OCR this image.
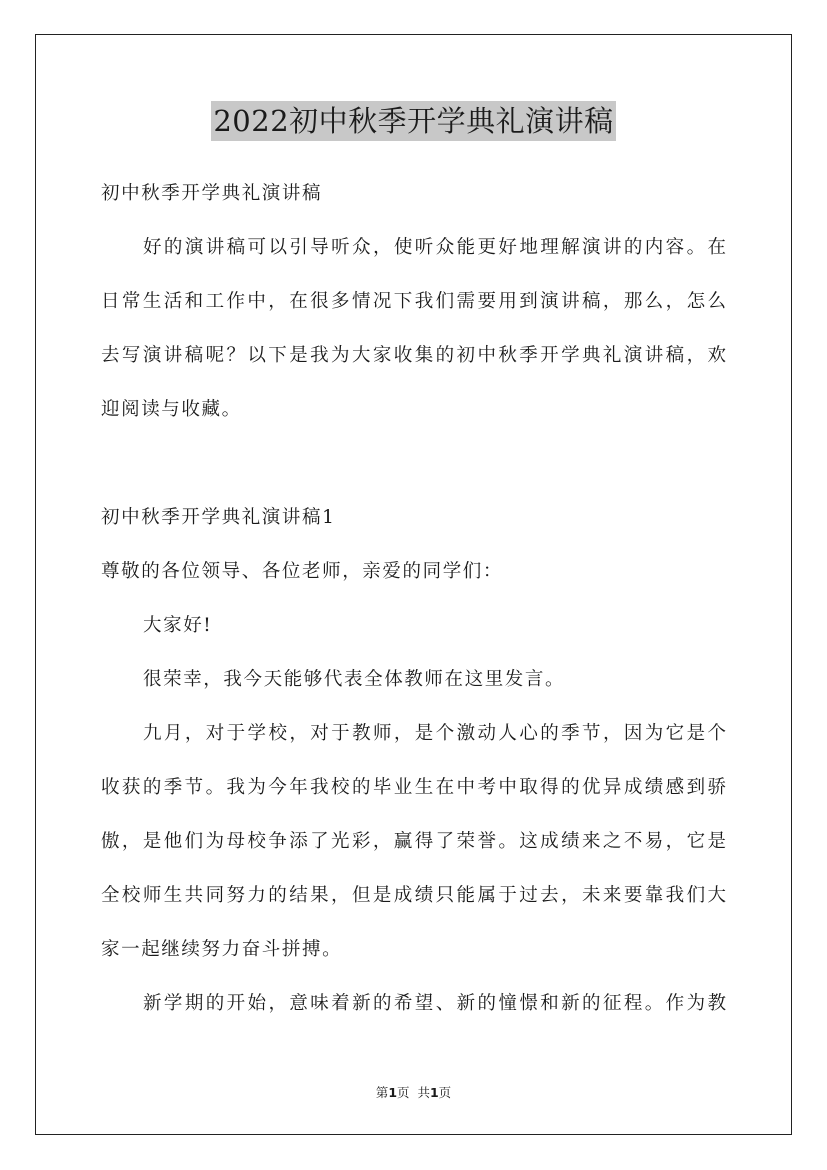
2022初中秋季开学典礼演讲稿
初中秋季开学典礼演讲稿
好的演讲稿可以引导听众，使听众能更好地理解演讲的内容。在
日常生活和工作中，在很多情况下我们需要用到演讲稿，那么，怎么
去写演讲稿呢？以下是我为大家收集的初中秋季开学典礼演讲稿，欢
迎阅读与收藏。
初中秋季开学典礼演讲稿1
尊敬的各位领导、各位老师，亲爱的同学们：
大家好!
很荣幸，我今天能够代表全体教师在这里发言。
九月，对于学校，对于教师，是个激动人心的季节，因为它是个
收获的季节。我为今年我校的毕业生在中考中取得的优异成绩感到骄
傲，是他们为母校争添了光彩，赢得了荣誉。这成绩来之不易，它是
全校师生共同努力的结果，但是成绩只能属于过去，未来要靠我们大
家一起继续努力奋斗拼搏。
新学期的开始，意味着新的希望、新的憧憬和新的征程。作为教
第1页  共1页
